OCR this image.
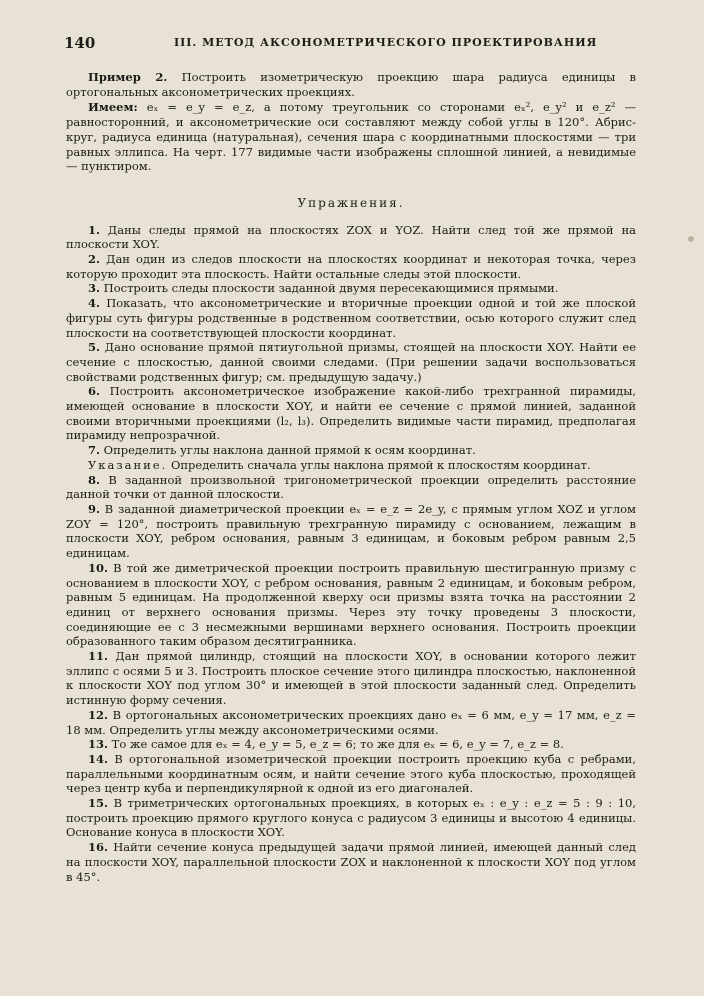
140	III. МЕТОД АКСОНОМЕТРИЧЕСКОГО ПРОЕКТИРОВАНИЯ

Пример 2. Построить изометрическую проекцию шара радиуса единицы в ортогональных аксонометрических проекциях.

Имеем: eₓ = e_y = e_z, а потому треугольник со сторонами eₓ², e_y² и e_z² — равносторонний, и аксонометрические оси составляют между собой углы в 120°. Абрис-круг, радиуса единица (натуральная), сечения шара с координатными плоскостями — три равных эллипса. На черт. 177 видимые части изображены сплошной линией, а невидимые — пунктиром.

Упражнения.

1. Даны следы прямой на плоскостях ZOX и YOZ. Найти след той же прямой на плоскости XOY.

2. Дан один из следов плоскости на плоскостях координат и некоторая точка, через которую проходит эта плоскость. Найти остальные следы этой плоскости.

3. Построить следы плоскости заданной двумя пересекающимися прямыми.

4. Показать, что аксонометрические и вторичные проекции одной и той же плоской фигуры суть фигуры родственные в родственном соответствии, осью которого служит след плоскости на соответствующей плоскости координат.

5. Дано основание прямой пятиугольной призмы, стоящей на плоскости XOY. Найти ее сечение с плоскостью, данной своими следами. (При решении задачи воспользоваться свойствами родственных фигур; см. предыдущую задачу.)

6. Построить аксонометрическое изображение какой-либо трехгранной пирамиды, имеющей основание в плоскости XOY, и найти ее сечение с прямой линией, заданной своими вторичными проекциями (l₂, l₃). Определить видимые части пирамид, предполагая пирамиду непрозрачной.

7. Определить углы наклона данной прямой к осям координат.

Указание. Определить сначала углы наклона прямой к плоскостям координат.

8. В заданной произвольной тригонометрической проекции определить расстояние данной точки от данной плоскости.

9. В заданной диаметрической проекции eₓ = e_z = 2e_y, с прямым углом XOZ и углом ZOY = 120°, построить правильную трехгранную пирамиду с основанием, лежащим в плоскости XOY, ребром основания, равным 3 единицам, и боковым ребром равным 2,5 единицам.

10. В той же диметрической проекции построить правильную шестигранную призму с основанием в плоскости XOY, с ребром основания, равным 2 единицам, и боковым ребром, равным 5 единицам. На продолженной кверху оси призмы взята точка на расстоянии 2 единиц от верхнего основания призмы. Через эту точку проведены 3 плоскости, соединяющие ее с 3 несмежными вершинами верхнего основания. Построить проекции образованного таким образом десятигранника.

11. Дан прямой цилиндр, стоящий на плоскости XOY, в основании которого лежит эллипс с осями 5 и 3. Построить плоское сечение этого цилиндра плоскостью, наклоненной к плоскости XOY под углом 30° и имеющей в этой плоскости заданный след. Определить истинную форму сечения.

12. В ортогональных аксонометрических проекциях дано eₓ = 6 мм, e_y = 17 мм, e_z = 18 мм. Определить углы между аксонометрическими осями.

13. То же самое для eₓ = 4, e_y = 5, e_z = 6; то же для eₓ = 6, e_y = 7, e_z = 8.

14. В ортогональной изометрической проекции построить проекцию куба с ребрами, параллельными координатным осям, и найти сечение этого куба плоскостью, проходящей через центр куба и перпендикулярной к одной из его диагоналей.

15. В триметрических ортогональных проекциях, в которых eₓ : e_y : e_z = 5 : 9 : 10, построить проекцию прямого круглого конуса с радиусом 3 единицы и высотою 4 единицы. Основание конуса в плоскости XOY.

16. Найти сечение конуса предыдущей задачи прямой линией, имеющей данный след на плоскости XOY, параллельной плоскости ZOX и наклоненной к плоскости XOY под углом в 45°.
